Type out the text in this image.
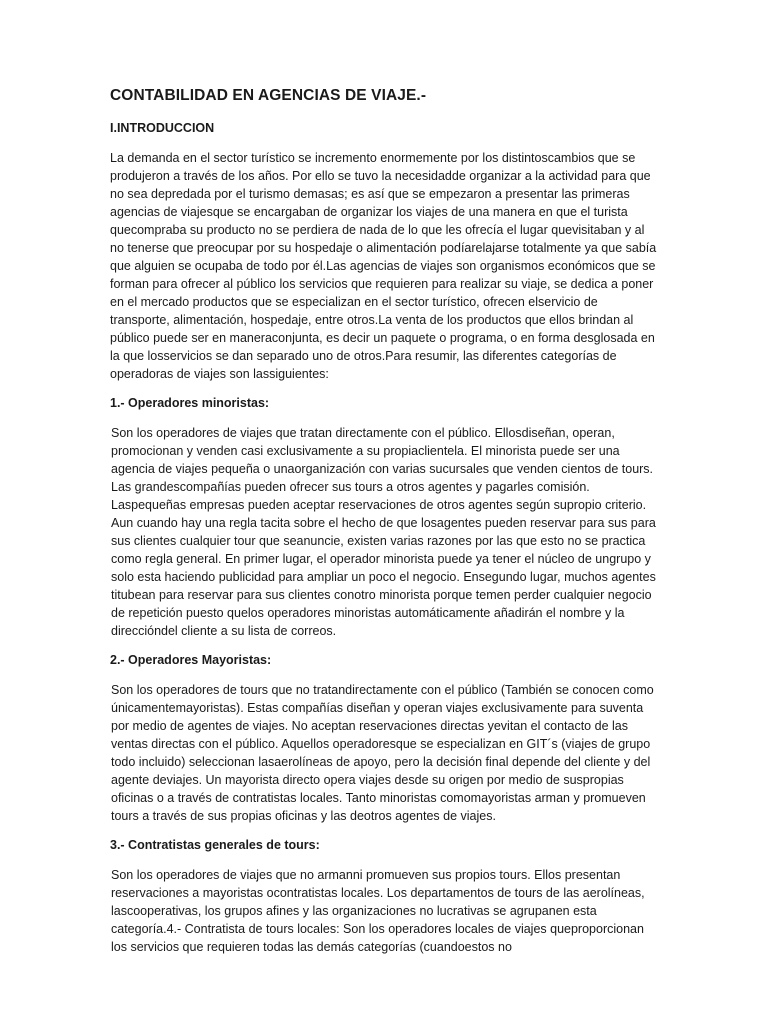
CONTABILIDAD EN AGENCIAS DE VIAJE.-
I.INTRODUCCION

La demanda en el sector turístico se incremento enormemente por los distintoscambios que se produjeron a través de los años. Por ello se tuvo la necesidadde organizar a la actividad para que no sea depredada por el turismo demasas; es así que se empezaron a presentar las primeras agencias de viajesque se encargaban de organizar los viajes de una manera en que el turista quecompraba su producto no se perdiera de nada de lo que les ofrecía el lugar quevisitaban y al no tenerse que preocupar por su hospedaje o alimentación podíarelajarse totalmente ya que sabía que alguien se ocupaba de todo por él.Las agencias de viajes son organismos económicos que se forman para ofrecer al público los servicios que requieren para realizar su viaje, se dedica a poner en el mercado productos que se especializan en el sector turístico, ofrecen elservicio de transporte, alimentación, hospedaje, entre otros.La venta de los productos que ellos brindan al público puede ser en maneraconjunta, es decir un paquete o programa, o en forma desglosada en la que losservicios se dan separado uno de otros.Para resumir, las diferentes categorías de operadoras de viajes son lassiguientes:

1.- Operadores minoristas:

Son los operadores de viajes que tratan directamente con el público. Ellosdiseñan, operan, promocionan y venden casi exclusivamente a su propiaclientela. El minorista puede ser una agencia de viajes pequeña o unaorganización con varias sucursales que venden cientos de tours. Las grandescompañías pueden ofrecer sus tours a otros agentes y pagarles comisión. Laspequeñas empresas pueden aceptar reservaciones de otros agentes según supropio criterio. Aun cuando hay una regla tacita sobre el hecho de que losagentes pueden reservar para sus para sus clientes cualquier tour que seanuncie, existen varias razones por las que esto no se practica como regla general. En primer lugar, el operador minorista puede ya tener el núcleo de ungrupo y solo esta haciendo publicidad para ampliar un poco el negocio. Ensegundo lugar, muchos agentes titubean para reservar para sus clientes conotro minorista porque temen perder cualquier negocio de repetición puesto quelos operadores minoristas automáticamente añadirán el nombre y la direccióndel cliente a su lista de correos.

2.- Operadores Mayoristas:

Son los operadores de tours que no tratandirectamente con el público (También se conocen como únicamentemayoristas). Estas compañías diseñan y operan viajes exclusivamente para suventa por medio de agentes de viajes. No aceptan reservaciones directas yevitan el contacto de las ventas directas con el público. Aquellos operadoresque se especializan en GIT´s (viajes de grupo todo incluido) seleccionan lasaerolíneas de apoyo, pero la decisión final depende del cliente y del agente deviajes. Un mayorista directo opera viajes desde su origen por medio de suspropias oficinas o a través de contratistas locales. Tanto minoristas comomayoristas arman y promueven tours a través de sus propias oficinas y las deotros agentes de viajes.

3.- Contratistas generales de tours:

Son los operadores de viajes que no armanni promueven sus propios tours. Ellos presentan reservaciones a mayoristas ocontratistas locales. Los departamentos de tours de las aerolíneas, lascooperativas, los grupos afines y las organizaciones no lucrativas se agrupanen esta categoría.4.- Contratista de tours locales: Son los operadores locales de viajes queproporcionan los servicios que requieren todas las demás categorías (cuandoestos no
